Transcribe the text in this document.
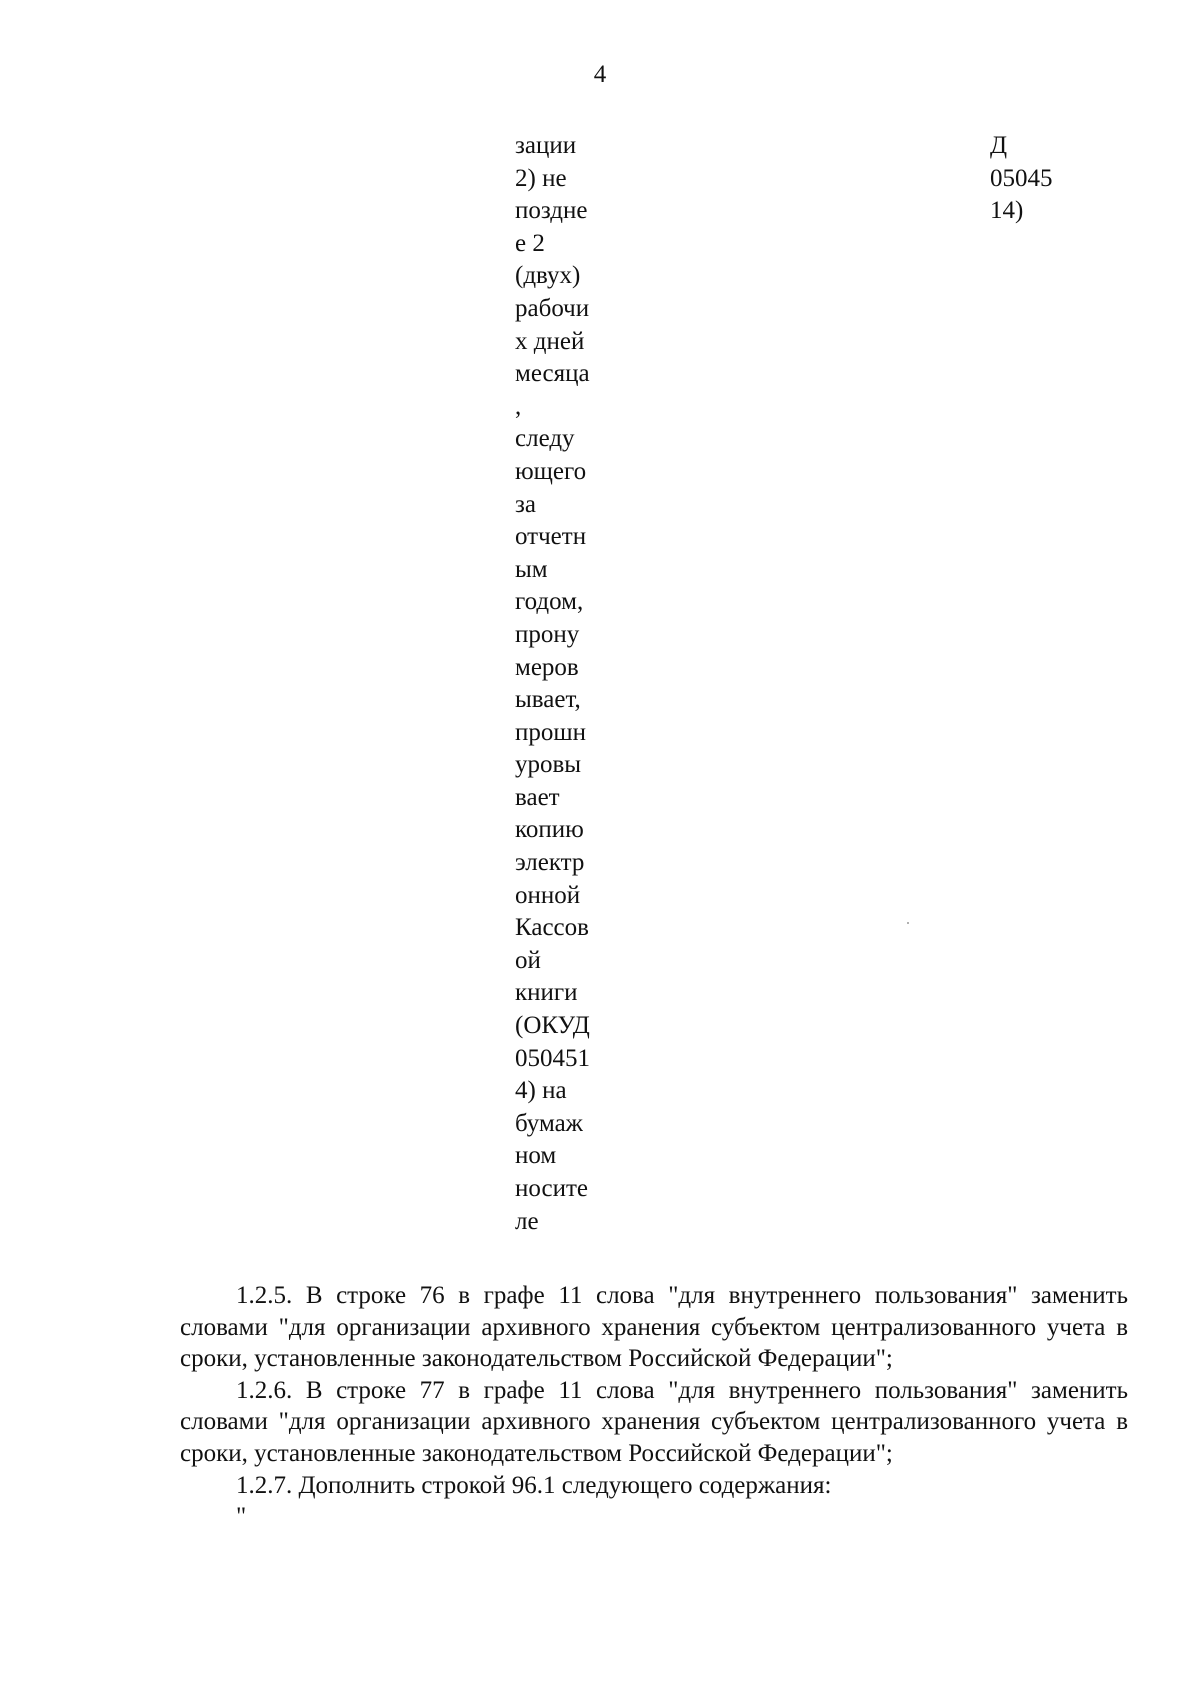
4
зации
2) не
поздне
е 2
(двух)
рабочи
х дней
месяца
,
следу
ющего
за
отчетн
ым
годом,
прону
меров
ывает,
прошн
уровы
вает
копию
электр
онной
Кассов
ой
книги
(ОКУД
050451
4) на
бумаж
ном
носите
ле
Д
05045
14)

1.2.5. В строке 76 в графе 11 слова "для внутреннего пользования" заменить словами "для организации архивного хранения субъектом централизованного учета в сроки, установленные законодательством Российской Федерации";

1.2.6. В строке 77 в графе 11 слова "для внутреннего пользования" заменить словами "для организации архивного хранения субъектом централизованного учета в сроки, установленные законодательством Российской Федерации";

1.2.7. Дополнить строкой 96.1 следующего содержания:

"
